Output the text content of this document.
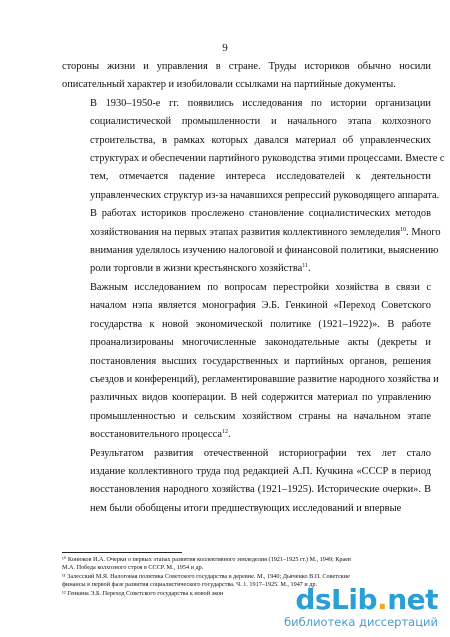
9

стороны жизни и управления в стране. Труды историков обычно носили
описательный характер и изобиловали ссылками на партийные документы.

В 1930–1950-е гг. появились исследования по истории организации
социалистической промышленности и начального этапа колхозного
строительства, в рамках которых давался материал об управленческих
структурах и обеспечении партийного руководства этими процессами. Вместе с
тем, отмечается падение интереса исследователей к деятельности
управленческих структур из-за начавшихся репрессий руководящего аппарата.
В работах историков прослежено становление социалистических методов
хозяйствования на первых этапах развития коллективного земледелия$^{10}$. Много
внимания уделялось изучению налоговой и финансовой политики, выяснению
роли торговли в жизни крестьянского хозяйства$^{11}$.

Важным исследованием по вопросам перестройки хозяйства в связи с
началом нэпа является монография Э.Б. Генкиной «Переход Советского
государства к новой экономической политике (1921–1922)». В работе
проанализированы многочисленные законодательные акты (декреты и
постановления высших государственных и партийных органов, решения
съездов и конференций), регламентировавшие развитие народного хозяйства и
различных видов кооперации. В ней содержится материал по управлению
промышленностью и сельским хозяйством страны на начальном этапе
восстановительного процесса$^{12}$.

Результатом развития отечественной историографии тех лет стало
издание коллективного труда под редакцией А.П. Кучкина «СССР в период
восстановления народного хозяйства (1921–1925). Исторические очерки». В
нем были обобщены итоги предшествующих исследований и впервые

¹⁰ Конюков И.А. Очерки о первых этапах развития коллективного земледелия (1921–1925 гг.) М., 1949; Краев
М.А. Победа колхозного строя в СССР. М., 1954 и др.
¹¹ Залесский М.Я. Налоговая политика Советского государства в деревне. М., 1940; Дьяченко В.П. Советские
финансы в первой фазе развития социалистического государства. Ч. 1. 1917–1925. М., 1947 и др.
¹² Генкина Э.Б. Переход Советского государства к новой экон	dsLib.net
библиотека диссертаций
